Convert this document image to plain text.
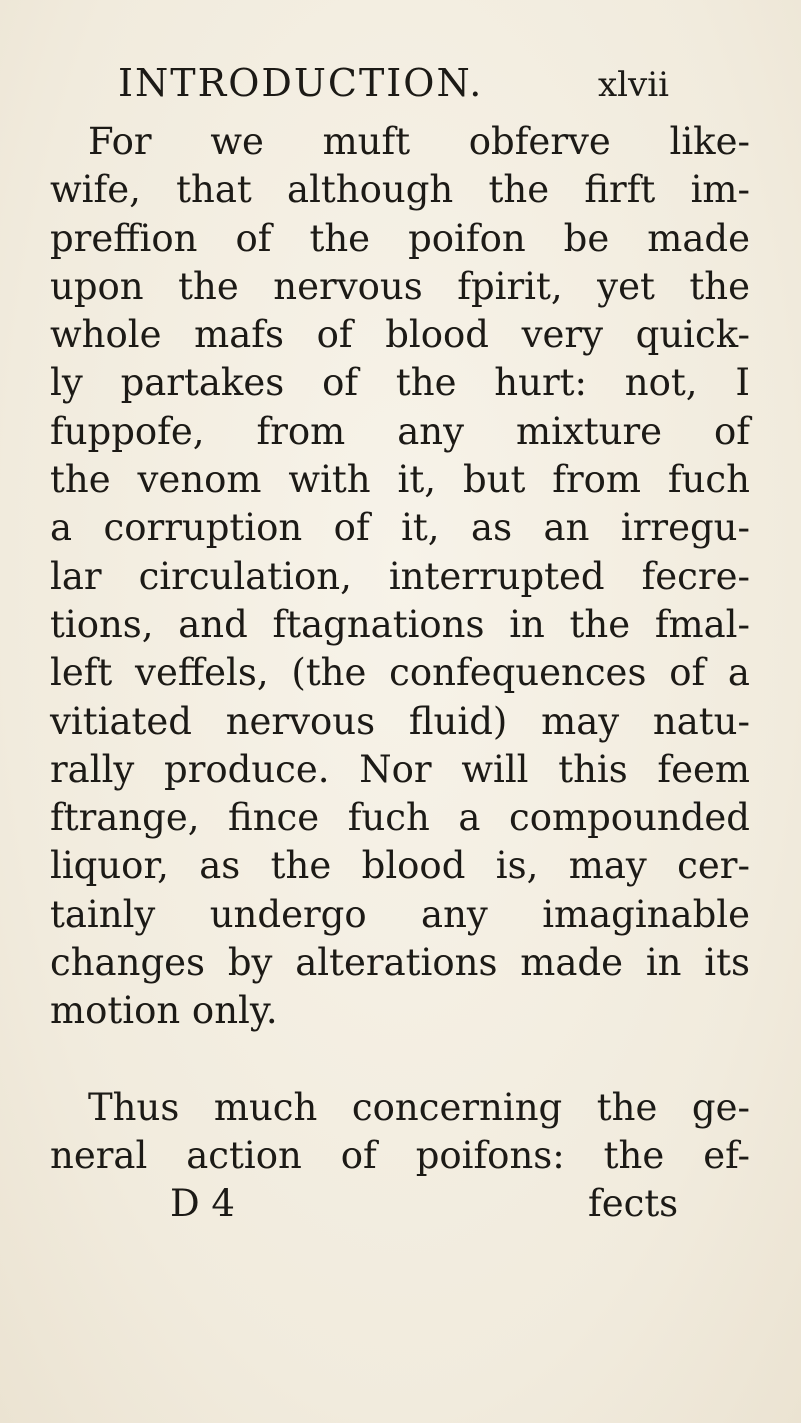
INTRODUCTION.	xlvii
For we muft obferve like-
wife, that although the firft im-
preffion of the poifon be made
upon the nervous fpirit, yet the
whole mafs of blood very quick-
ly partakes of the hurt: not, I
fuppofe, from any mixture of
the venom with it, but from fuch
a corruption of it, as an irregu-
lar circulation, interrupted fecre-
tions, and ftagnations in the fmal-
left veffels, (the confequences of a
vitiated nervous fluid) may natu-
rally produce. Nor will this feem
ftrange, fince fuch a compounded
liquor, as the blood is, may cer-
tainly undergo any imaginable
changes by alterations made in its
motion only.
Thus much concerning the ge-
neral action of poifons: the ef-
D 4	fects
